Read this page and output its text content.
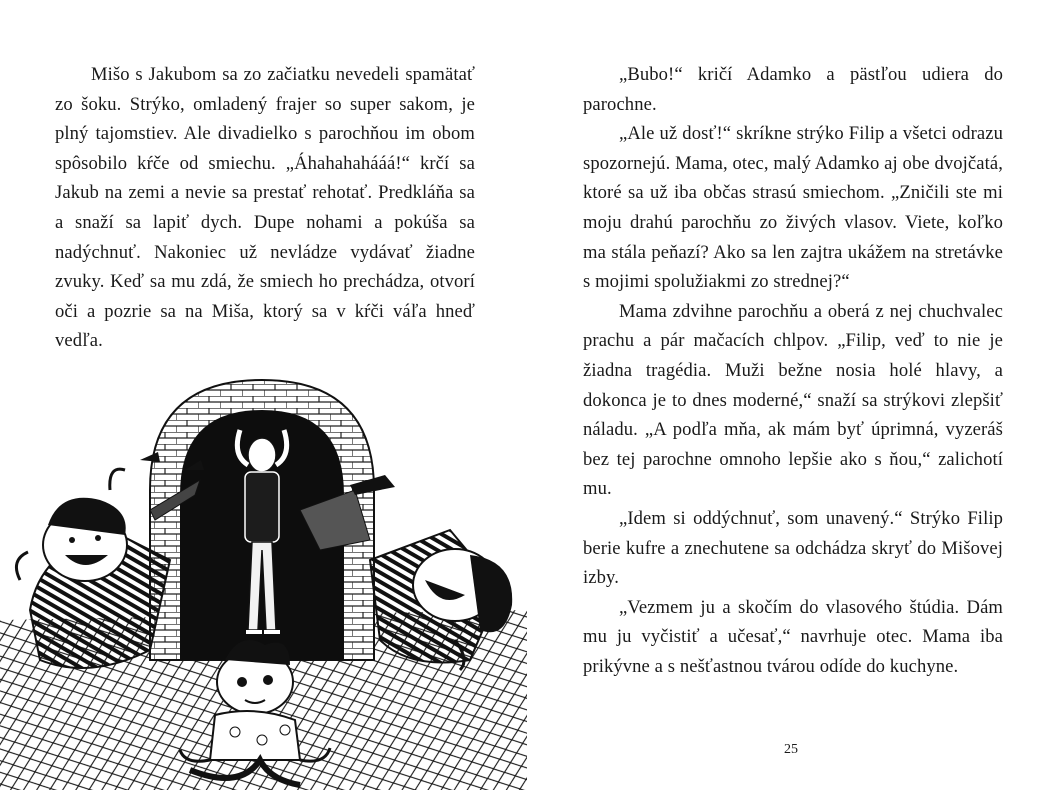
Mišo s Jakubom sa zo začiatku nevedeli spamätať zo šoku. Strýko, omladený frajer so super sakom, je plný tajomstiev. Ale divadielko s parochňou im obom spôsobilo kŕče od smiechu. „Áhahahahááá!“ krčí sa Jakub na zemi a nevie sa prestať rehotať. Predkláňa sa a snaží sa lapiť dych. Dupe nohami a pokúša sa nadýchnuť. Nakoniec už nevládze vydávať žiadne zvuky. Keď sa mu zdá, že smiech ho prechádza, otvorí oči a pozrie sa na Miša, ktorý sa v kŕči váľa hneď vedľa.

„Bubo!“ kričí Adamko a pästľou udiera do parochne.

„Ale už dosť!“ skríkne strýko Filip a všetci odrazu spozornejú. Mama, otec, malý Adamko aj obe dvojčatá, ktoré sa už iba občas strasú smiechom. „Zničili ste mi moju drahú parochňu zo živých vlasov. Viete, koľko ma stála peňazí? Ako sa len zajtra ukážem na stretávke s mojimi spolužiakmi zo strednej?“

Mama zdvihne parochňu a oberá z nej chuchvalec prachu a pár mačacích chlpov. „Filip, veď to nie je žiadna tragédia. Muži bežne nosia holé hlavy, a dokonca je to dnes moderné,“ snaží sa strýkovi zlepšiť náladu. „A podľa mňa, ak mám byť úprimná, vyzeráš bez tej parochne omnoho lepšie ako s ňou,“ zalichotí mu.

„Idem si oddýchnuť, som unavený.“ Strýko Filip berie kufre a znechutene sa odchádza skryť do Mišovej izby.

„Vezmem ju a skočím do vlasového štúdia. Dám mu ju vyčistiť a učesať,“ navrhuje otec. Mama iba prikývne a s nešťastnou tvárou odíde do kuchyne.

25
